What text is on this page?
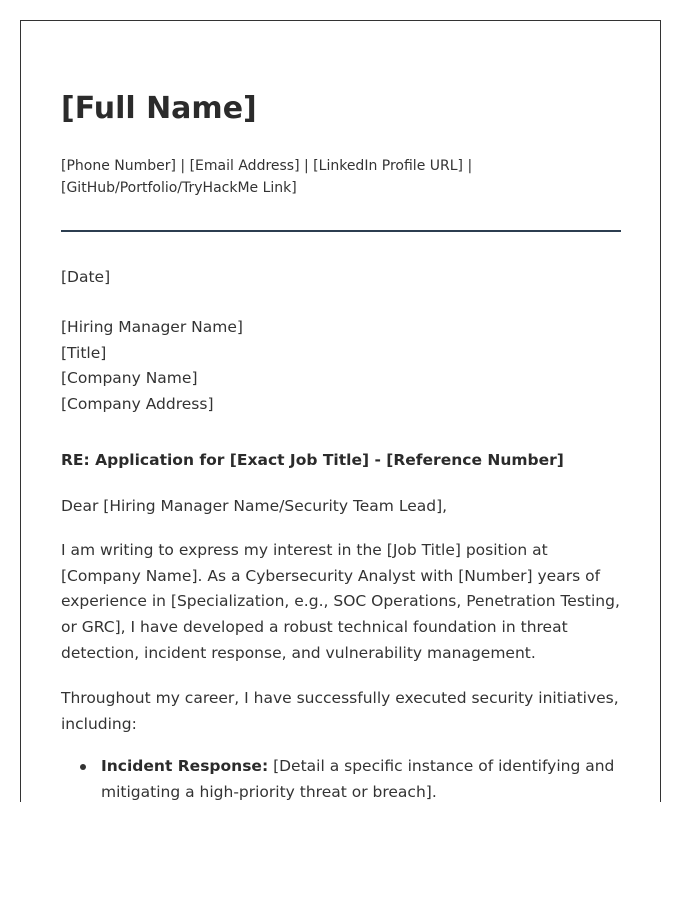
[Full Name]
[Phone Number] | [Email Address] | [LinkedIn Profile URL] | [GitHub/Portfolio/TryHackMe Link]
[Date]
[Hiring Manager Name]
[Title]
[Company Name]
[Company Address]
RE: Application for [Exact Job Title] - [Reference Number]
Dear [Hiring Manager Name/Security Team Lead],
I am writing to express my interest in the [Job Title] position at [Company Name]. As a Cybersecurity Analyst with [Number] years of experience in [Specialization, e.g., SOC Operations, Penetration Testing, or GRC], I have developed a robust technical foundation in threat detection, incident response, and vulnerability management.
Throughout my career, I have successfully executed security initiatives, including:
Incident Response: [Detail a specific instance of identifying and mitigating a high-priority threat or breach].
